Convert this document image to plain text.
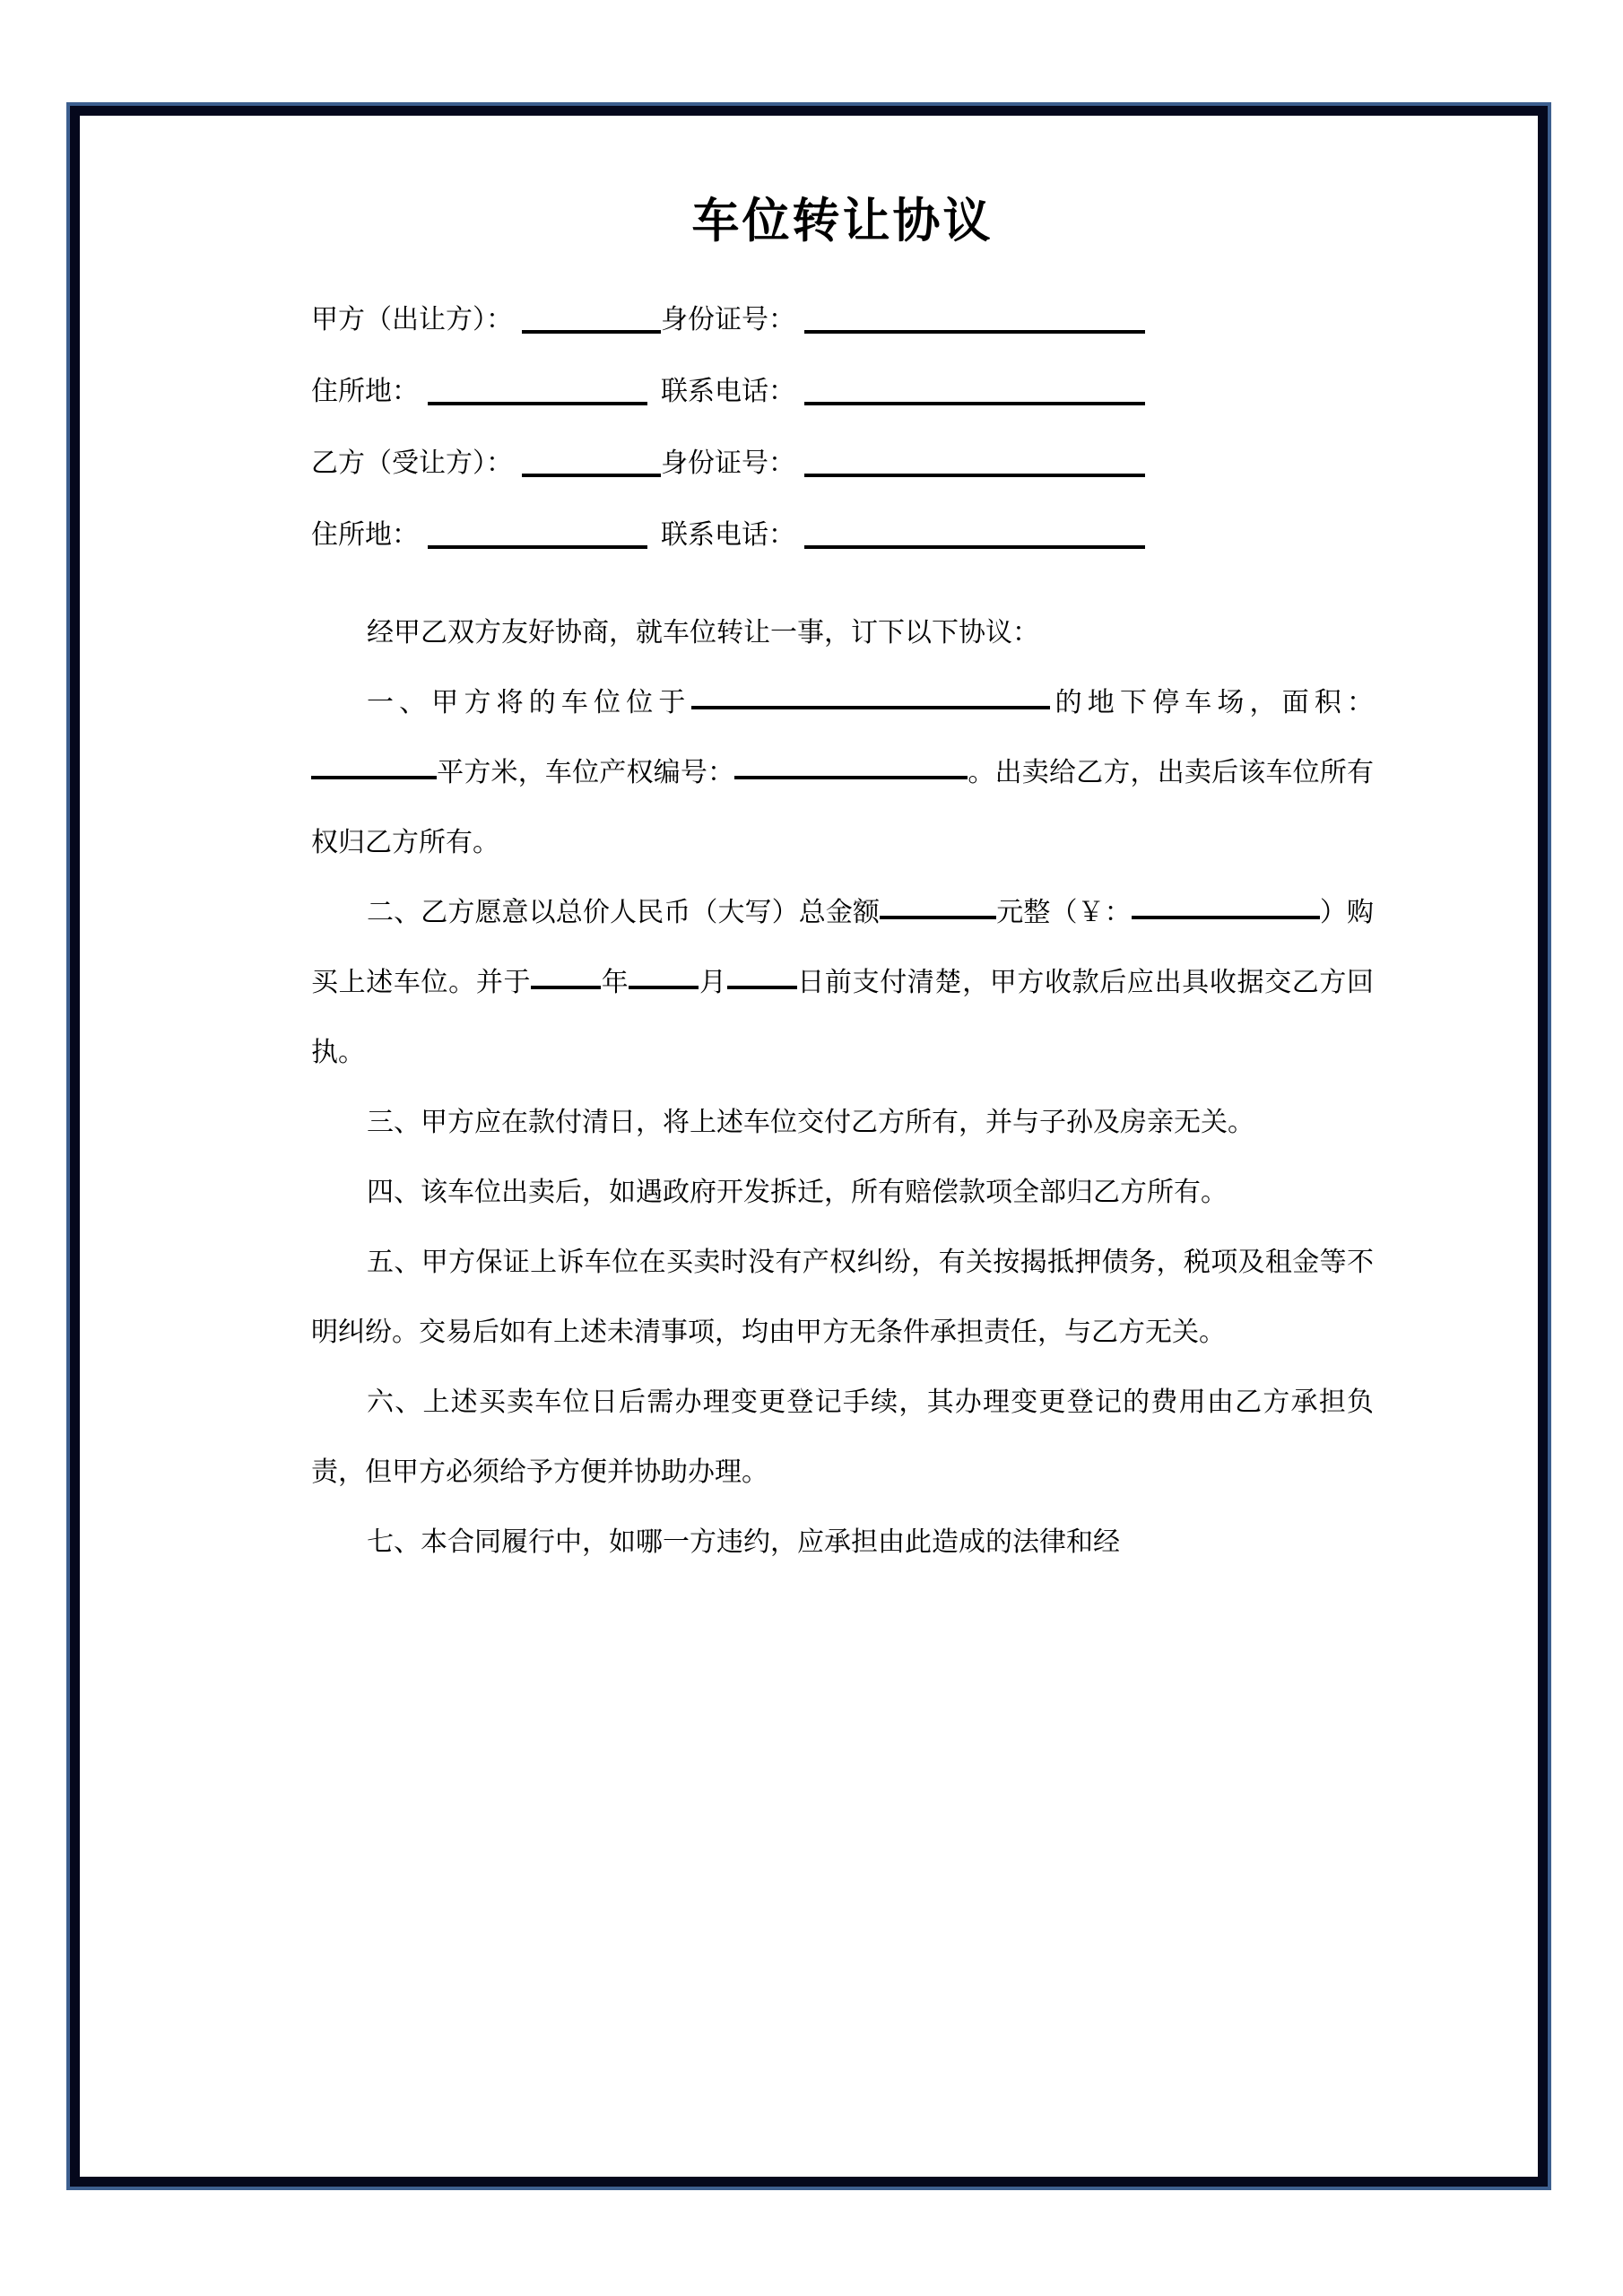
车位转让协议
甲方（出让方）：	身份证号：
住所地：	联系电话：
乙方（受让方）：	身份证号：
住所地：	联系电话：

经甲乙双方友好协商，就车位转让一事，订下以下协议：

一、甲方将的车位位于	的地下停车场，面积：平方米，车位产权编号：	。出卖给乙方，出卖后该车位所有权归乙方所有。

二、乙方愿意以总价人民币（大写）总金额	元整（￥：	）购买上述车位。并于	年	月	日前支付清楚，甲方收款后应出具收据交乙方回执。

三、甲方应在款付清日，将上述车位交付乙方所有，并与子孙及房亲无关。

四、该车位出卖后，如遇政府开发拆迁，所有赔偿款项全部归乙方所有。

五、甲方保证上诉车位在买卖时没有产权纠纷，有关按揭抵押债务，税项及租金等不明纠纷。交易后如有上述未清事项，均由甲方无条件承担责任，与乙方无关。

六、上述买卖车位日后需办理变更登记手续，其办理变更登记的费用由乙方承担负责，但甲方必须给予方便并协助办理。

七、本合同履行中，如哪一方违约，应承担由此造成的法律和经
